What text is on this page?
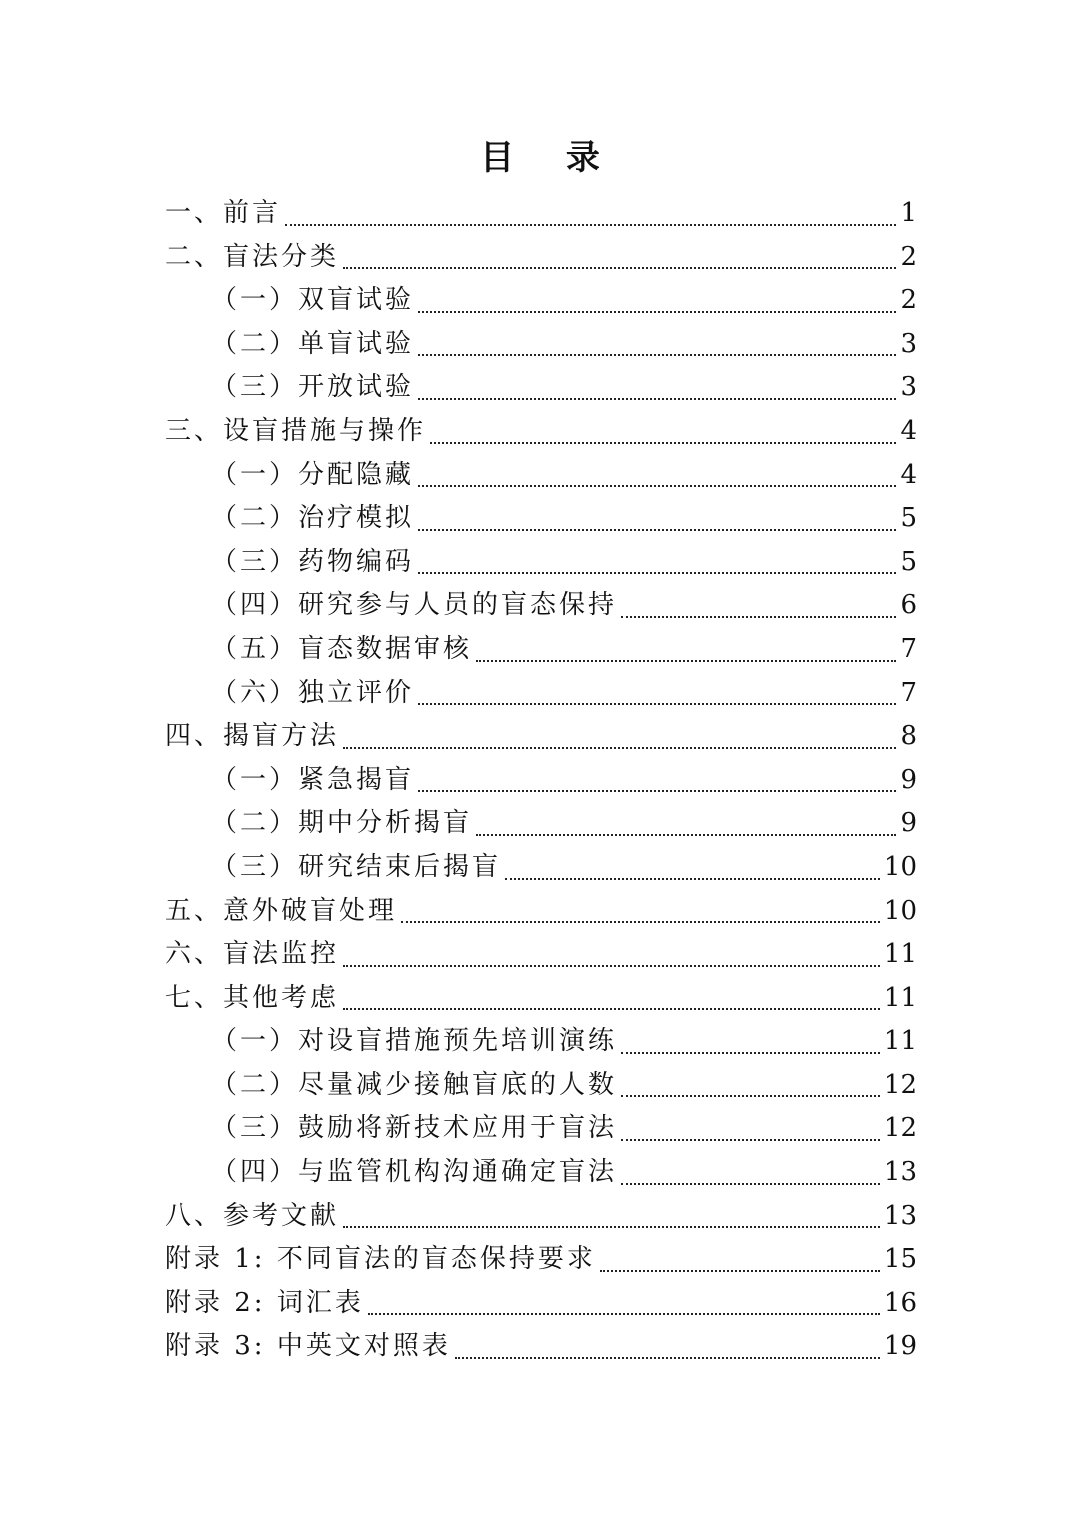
目 录
一、前言	1
二、盲法分类	2
（一）双盲试验	2
（二）单盲试验	3
（三）开放试验	3
三、设盲措施与操作	4
（一）分配隐藏	4
（二）治疗模拟	5
（三）药物编码	5
（四）研究参与人员的盲态保持	6
（五）盲态数据审核	7
（六）独立评价	7
四、揭盲方法	8
（一）紧急揭盲	9
（二）期中分析揭盲	9
（三）研究结束后揭盲	10
五、意外破盲处理	10
六、盲法监控	11
七、其他考虑	11
（一）对设盲措施预先培训演练	11
（二）尽量减少接触盲底的人数	12
（三）鼓励将新技术应用于盲法	12
（四）与监管机构沟通确定盲法	13
八、参考文献	13
附录 1: 不同盲法的盲态保持要求	15
附录 2: 词汇表	16
附录 3: 中英文对照表	19
